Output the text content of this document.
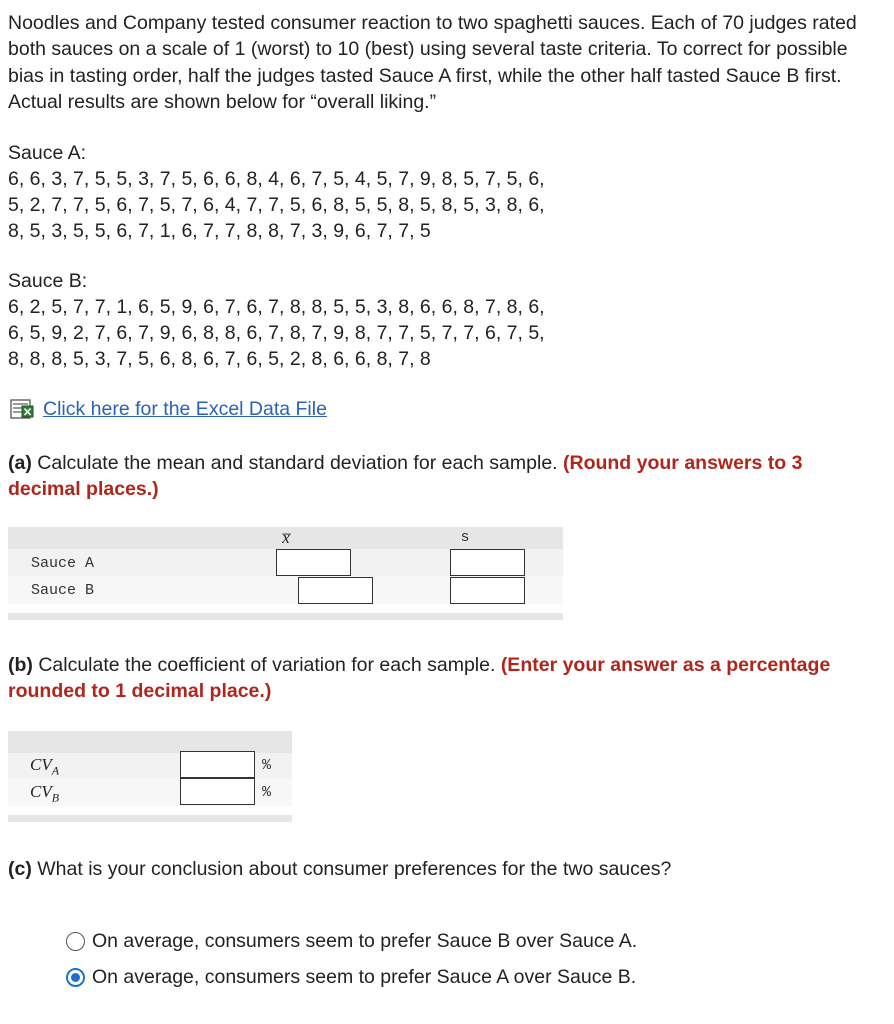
Noodles and Company tested consumer reaction to two spaghetti sauces. Each of 70 judges rated both sauces on a scale of 1 (worst) to 10 (best) using several taste criteria. To correct for possible bias in tasting order, half the judges tasted Sauce A first, while the other half tasted Sauce B first. Actual results are shown below for “overall liking.”
Sauce A:
6, 6, 3, 7, 5, 5, 3, 7, 5, 6, 6, 8, 4, 6, 7, 5, 4, 5, 7, 9, 8, 5, 7, 5, 6,
5, 2, 7, 7, 5, 6, 7, 5, 7, 6, 4, 7, 7, 5, 6, 8, 5, 5, 8, 5, 8, 5, 3, 8, 6,
8, 5, 3, 5, 5, 6, 7, 1, 6, 7, 7, 8, 8, 7, 3, 9, 6, 7, 7, 5
Sauce B:
6, 2, 5, 7, 7, 1, 6, 5, 9, 6, 7, 6, 7, 8, 8, 5, 5, 3, 8, 6, 6, 8, 7, 8, 6,
6, 5, 9, 2, 7, 6, 7, 9, 6, 8, 8, 6, 7, 8, 7, 9, 8, 7, 7, 5, 7, 7, 6, 7, 5,
8, 8, 8, 5, 3, 7, 5, 6, 8, 6, 7, 6, 5, 2, 8, 6, 6, 8, 7, 8
Click here for the Excel Data File
(a) Calculate the mean and standard deviation for each sample. (Round your answers to 3 decimal places.)
x̅	s
Sauce A
Sauce B
(b) Calculate the coefficient of variation for each sample. (Enter your answer as a percentage rounded to 1 decimal place.)
$CV_A$
$CV_B$
%
%
(c) What is your conclusion about consumer preferences for the two sauces?
On average, consumers seem to prefer Sauce B over Sauce A.
On average, consumers seem to prefer Sauce A over Sauce B.
